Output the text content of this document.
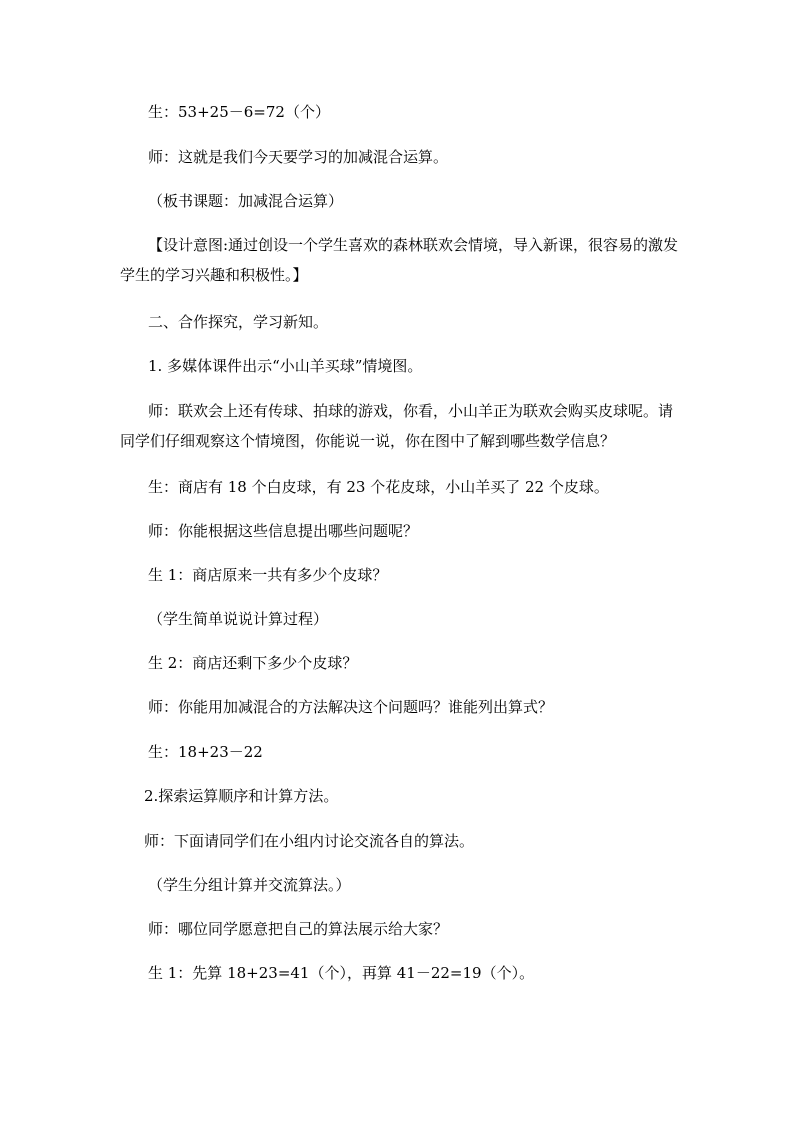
生：53+25－6=72（个）
师：这就是我们今天要学习的加减混合运算。
（板书课题：加减混合运算）
【设计意图:通过创设一个学生喜欢的森林联欢会情境，导入新课，很容易的激发学生的学习兴趣和积极性。】
二、合作探究，学习新知。
1. 多媒体课件出示“小山羊买球”情境图。
师：联欢会上还有传球、拍球的游戏，你看，小山羊正为联欢会购买皮球呢。请同学们仔细观察这个情境图，你能说一说，你在图中了解到哪些数学信息？
生：商店有 18 个白皮球，有 23 个花皮球，小山羊买了 22 个皮球。
师：你能根据这些信息提出哪些问题呢？
生 1：商店原来一共有多少个皮球？
（学生简单说说计算过程）
生 2：商店还剩下多少个皮球？
师：你能用加减混合的方法解决这个问题吗？谁能列出算式？
生：18+23－22
2.探索运算顺序和计算方法。
师：下面请同学们在小组内讨论交流各自的算法。
（学生分组计算并交流算法。）
师：哪位同学愿意把自己的算法展示给大家？
生 1：先算 18+23=41（个），再算 41－22=19（个）。
